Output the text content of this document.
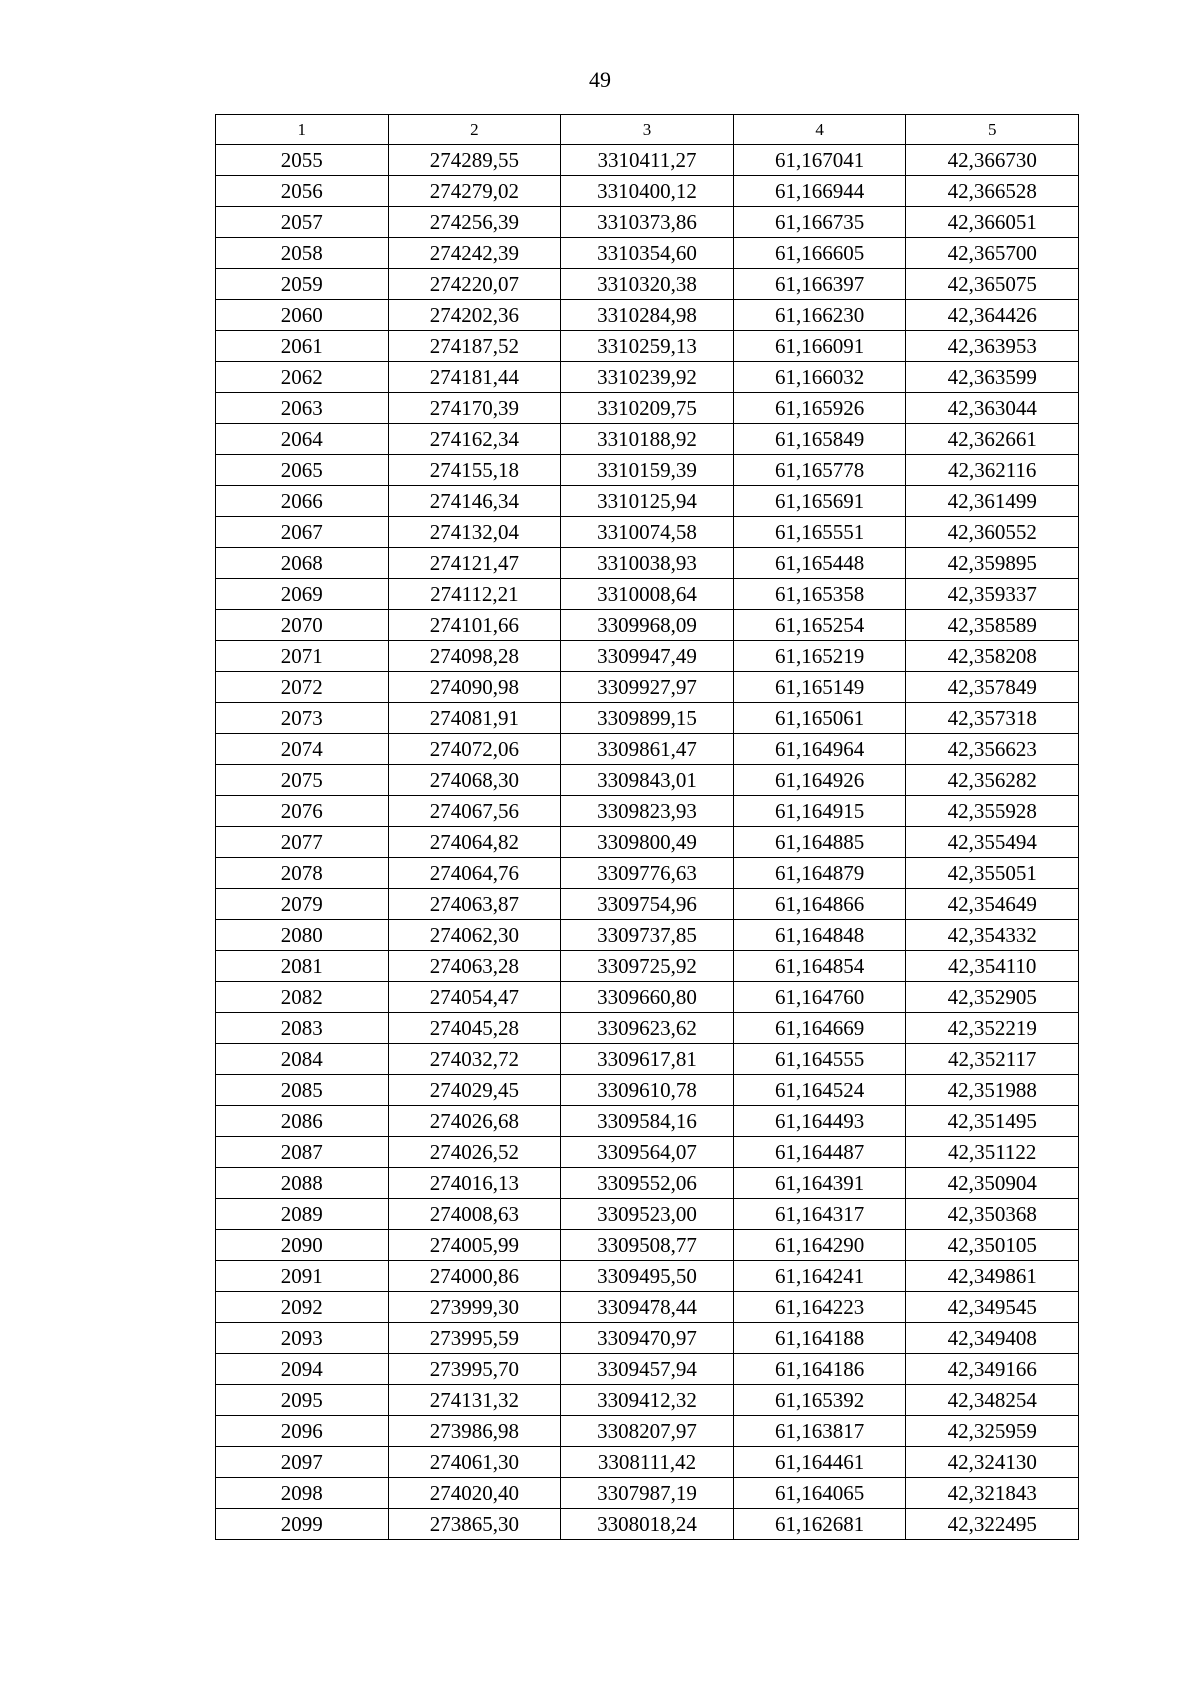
49
1	2	3	4	5
2055	274289,55	3310411,27	61,167041	42,366730
2056	274279,02	3310400,12	61,166944	42,366528
2057	274256,39	3310373,86	61,166735	42,366051
2058	274242,39	3310354,60	61,166605	42,365700
2059	274220,07	3310320,38	61,166397	42,365075
2060	274202,36	3310284,98	61,166230	42,364426
2061	274187,52	3310259,13	61,166091	42,363953
2062	274181,44	3310239,92	61,166032	42,363599
2063	274170,39	3310209,75	61,165926	42,363044
2064	274162,34	3310188,92	61,165849	42,362661
2065	274155,18	3310159,39	61,165778	42,362116
2066	274146,34	3310125,94	61,165691	42,361499
2067	274132,04	3310074,58	61,165551	42,360552
2068	274121,47	3310038,93	61,165448	42,359895
2069	274112,21	3310008,64	61,165358	42,359337
2070	274101,66	3309968,09	61,165254	42,358589
2071	274098,28	3309947,49	61,165219	42,358208
2072	274090,98	3309927,97	61,165149	42,357849
2073	274081,91	3309899,15	61,165061	42,357318
2074	274072,06	3309861,47	61,164964	42,356623
2075	274068,30	3309843,01	61,164926	42,356282
2076	274067,56	3309823,93	61,164915	42,355928
2077	274064,82	3309800,49	61,164885	42,355494
2078	274064,76	3309776,63	61,164879	42,355051
2079	274063,87	3309754,96	61,164866	42,354649
2080	274062,30	3309737,85	61,164848	42,354332
2081	274063,28	3309725,92	61,164854	42,354110
2082	274054,47	3309660,80	61,164760	42,352905
2083	274045,28	3309623,62	61,164669	42,352219
2084	274032,72	3309617,81	61,164555	42,352117
2085	274029,45	3309610,78	61,164524	42,351988
2086	274026,68	3309584,16	61,164493	42,351495
2087	274026,52	3309564,07	61,164487	42,351122
2088	274016,13	3309552,06	61,164391	42,350904
2089	274008,63	3309523,00	61,164317	42,350368
2090	274005,99	3309508,77	61,164290	42,350105
2091	274000,86	3309495,50	61,164241	42,349861
2092	273999,30	3309478,44	61,164223	42,349545
2093	273995,59	3309470,97	61,164188	42,349408
2094	273995,70	3309457,94	61,164186	42,349166
2095	274131,32	3309412,32	61,165392	42,348254
2096	273986,98	3308207,97	61,163817	42,325959
2097	274061,30	3308111,42	61,164461	42,324130
2098	274020,40	3307987,19	61,164065	42,321843
2099	273865,30	3308018,24	61,162681	42,322495
